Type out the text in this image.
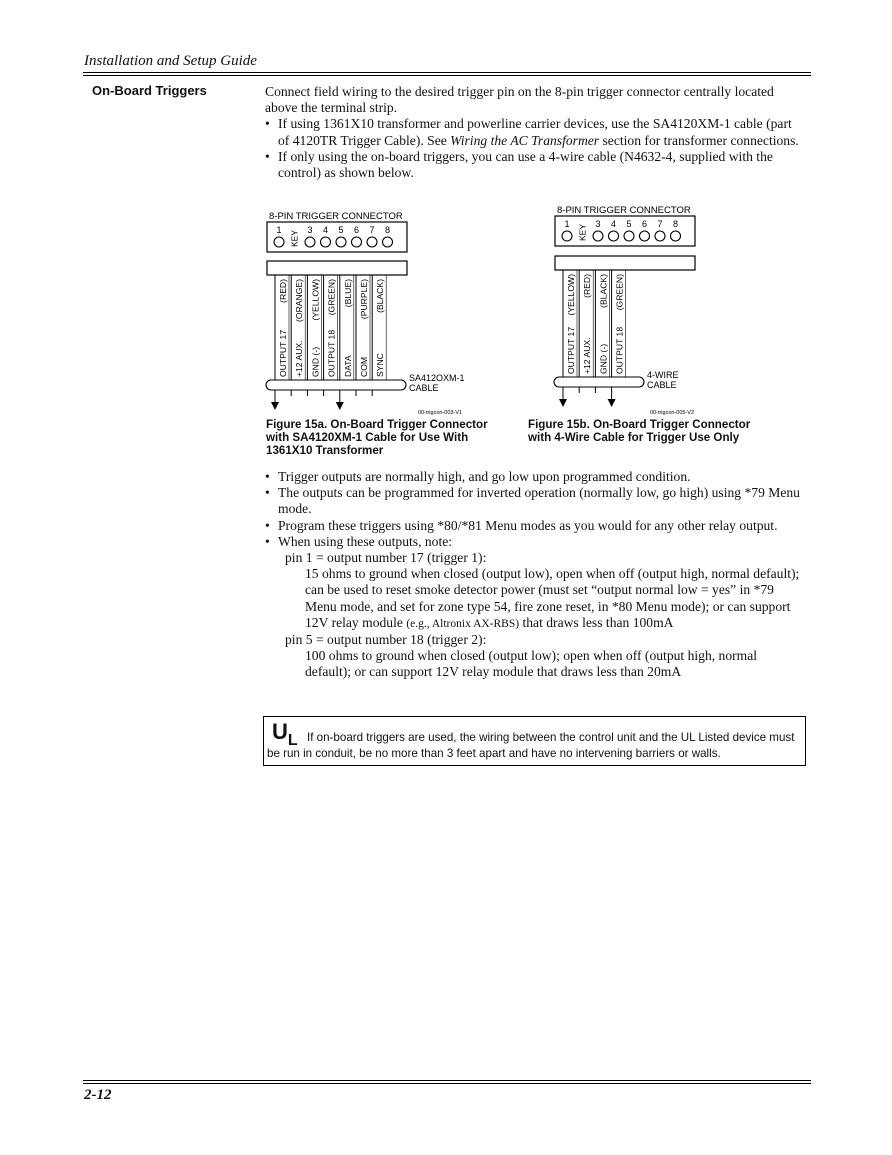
Installation and Setup Guide
On-Board Triggers	Connect field wiring to the desired trigger pin on the 8-pin trigger connector centrally located above the terminal strip.
• If using 1361X10 transformer and powerline carrier devices, use the SA4120XM-1 cable (part of 4120TR Trigger Cable). See Wiring the AC Transformer section for transformer connections.
• If only using the on-board triggers, you can use a 4-wire cable (N4632-4, supplied with the control) as shown below.
8-PIN TRIGGER CONNECTOR
1 KEY 3 4 5 6 7 8
OUTPUT 17
(RED)
+12 AUX.
(ORANGE)
GND (-)
(YELLOW)
OUTPUT 18
(GREEN)
DATA
(BLUE)
COM
(PURPLE)
SYNC
(BLACK)
SA412OXM-1
CABLE
00-trigcon-003-V1
8-PIN TRIGGER CONNECTOR
1 KEY 3 4 5 6 7 8
OUTPUT 17
(YELLOW)
+12 AUX.
(RED)
GND (-)
(BLACK)
OUTPUT 18
(GREEN)
4-WIRE
CABLE
00-trigcon-005-V2
Figure 15a. On-Board Trigger Connector
with SA4120XM-1 Cable for Use With
1361X10 Transformer
Figure 15b. On-Board Trigger Connector
with 4-Wire Cable for Trigger Use Only
• Trigger outputs are normally high, and go low upon programmed condition.
• The outputs can be programmed for inverted operation (normally low, go high) using *79 Menu mode.
• Program these triggers using *80/*81 Menu modes as you would for any other relay output.
• When using these outputs, note:
pin 1 = output number 17 (trigger 1):
15 ohms to ground when closed (output low), open when off (output high, normal default); can be used to reset smoke detector power (must set “output normal low = yes” in *79 Menu mode, and set for zone type 54, fire zone reset, in *80 Menu mode); or can support 12V relay module (e.g., Altronix AX-RBS) that draws less than 100mA
pin 5 = output number 18 (trigger 2):
100 ohms to ground when closed (output low); open when off (output high, normal default); or can support 12V relay module that draws less than 20mA
$U_L$ If on-board triggers are used, the wiring between the control unit and the UL Listed device must be run in conduit, be no more than 3 feet apart and have no intervening barriers or walls.
2-12
